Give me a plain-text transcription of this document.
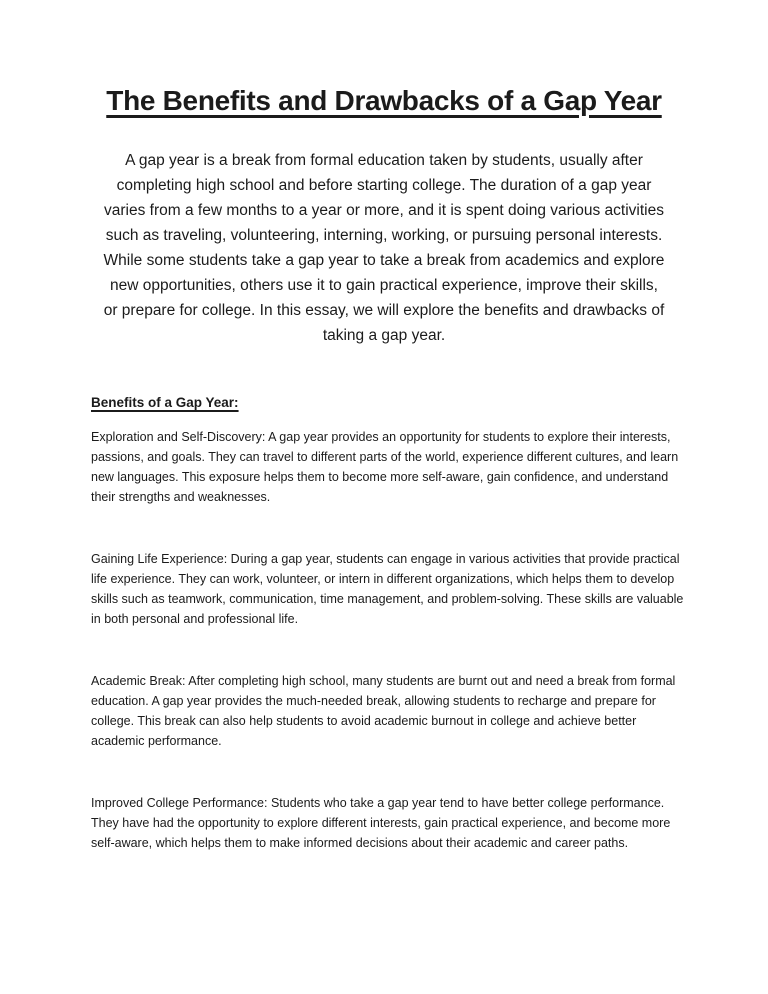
The Benefits and Drawbacks of a Gap Year
A gap year is a break from formal education taken by students, usually after
completing high school and before starting college. The duration of a gap year
varies from a few months to a year or more, and it is spent doing various activities
such as traveling, volunteering, interning, working, or pursuing personal interests.
While some students take a gap year to take a break from academics and explore
new opportunities, others use it to gain practical experience, improve their skills,
or prepare for college. In this essay, we will explore the benefits and drawbacks of
taking a gap year.
Benefits of a Gap Year:

Exploration and Self-Discovery: A gap year provides an opportunity for students to explore their interests, passions, and goals. They can travel to different parts of the world, experience different cultures, and learn new languages. This exposure helps them to become more self-aware, gain confidence, and understand their strengths and weaknesses.

Gaining Life Experience: During a gap year, students can engage in various activities that provide practical life experience. They can work, volunteer, or intern in different organizations, which helps them to develop skills such as teamwork, communication, time management, and problem-solving. These skills are valuable in both personal and professional life.

Academic Break: After completing high school, many students are burnt out and need a break from formal education. A gap year provides the much-needed break, allowing students to recharge and prepare for college. This break can also help students to avoid academic burnout in college and achieve better academic performance.

Improved College Performance: Students who take a gap year tend to have better college performance. They have had the opportunity to explore different interests, gain practical experience, and become more self-aware, which helps them to make informed decisions about their academic and career paths.
